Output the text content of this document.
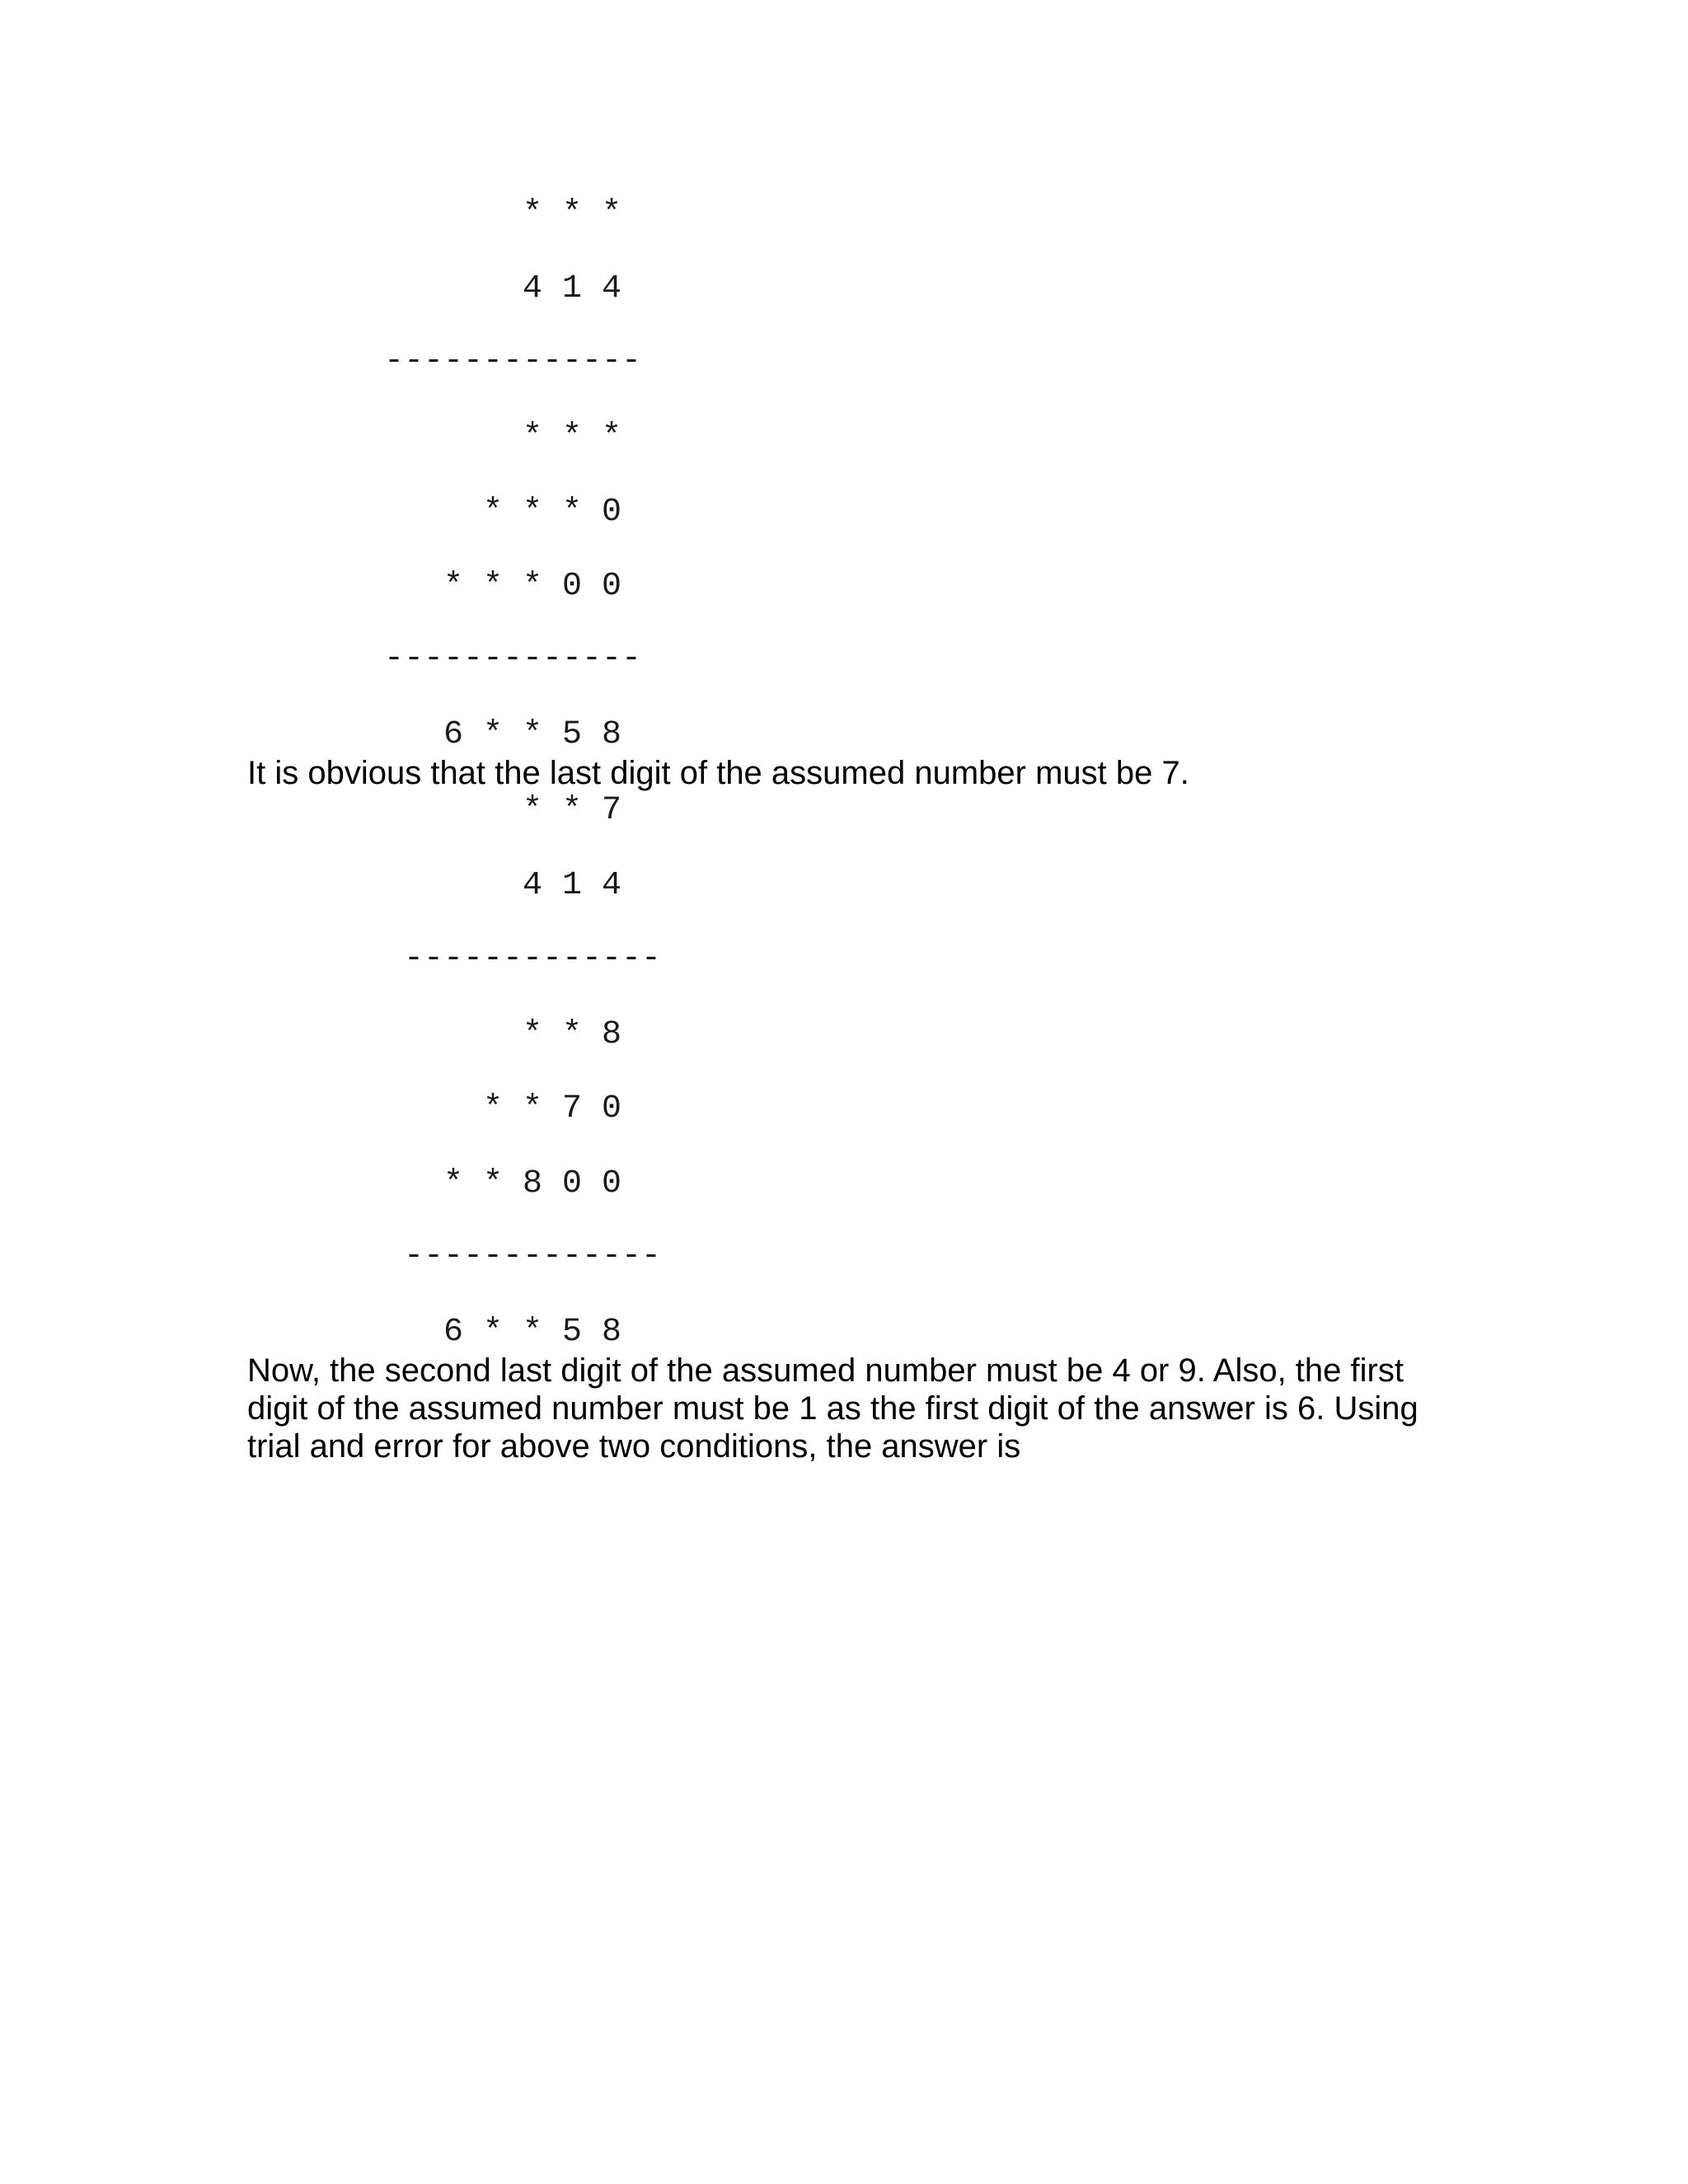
* * *

4 1 4

-------------

* * *

* * * 0

* * * 0 0

-------------

6 * * 5 8

It is obvious that the last digit of the assumed number must be 7.

* * 7

4 1 4

-------------

* * 8

* * 7 0

* * 8 0 0

-------------

6 * * 5 8

Now, the second last digit of the assumed number must be 4 or 9. Also, the first

digit of the assumed number must be 1 as the first digit of the answer is 6. Using

trial and error for above two conditions, the answer is
